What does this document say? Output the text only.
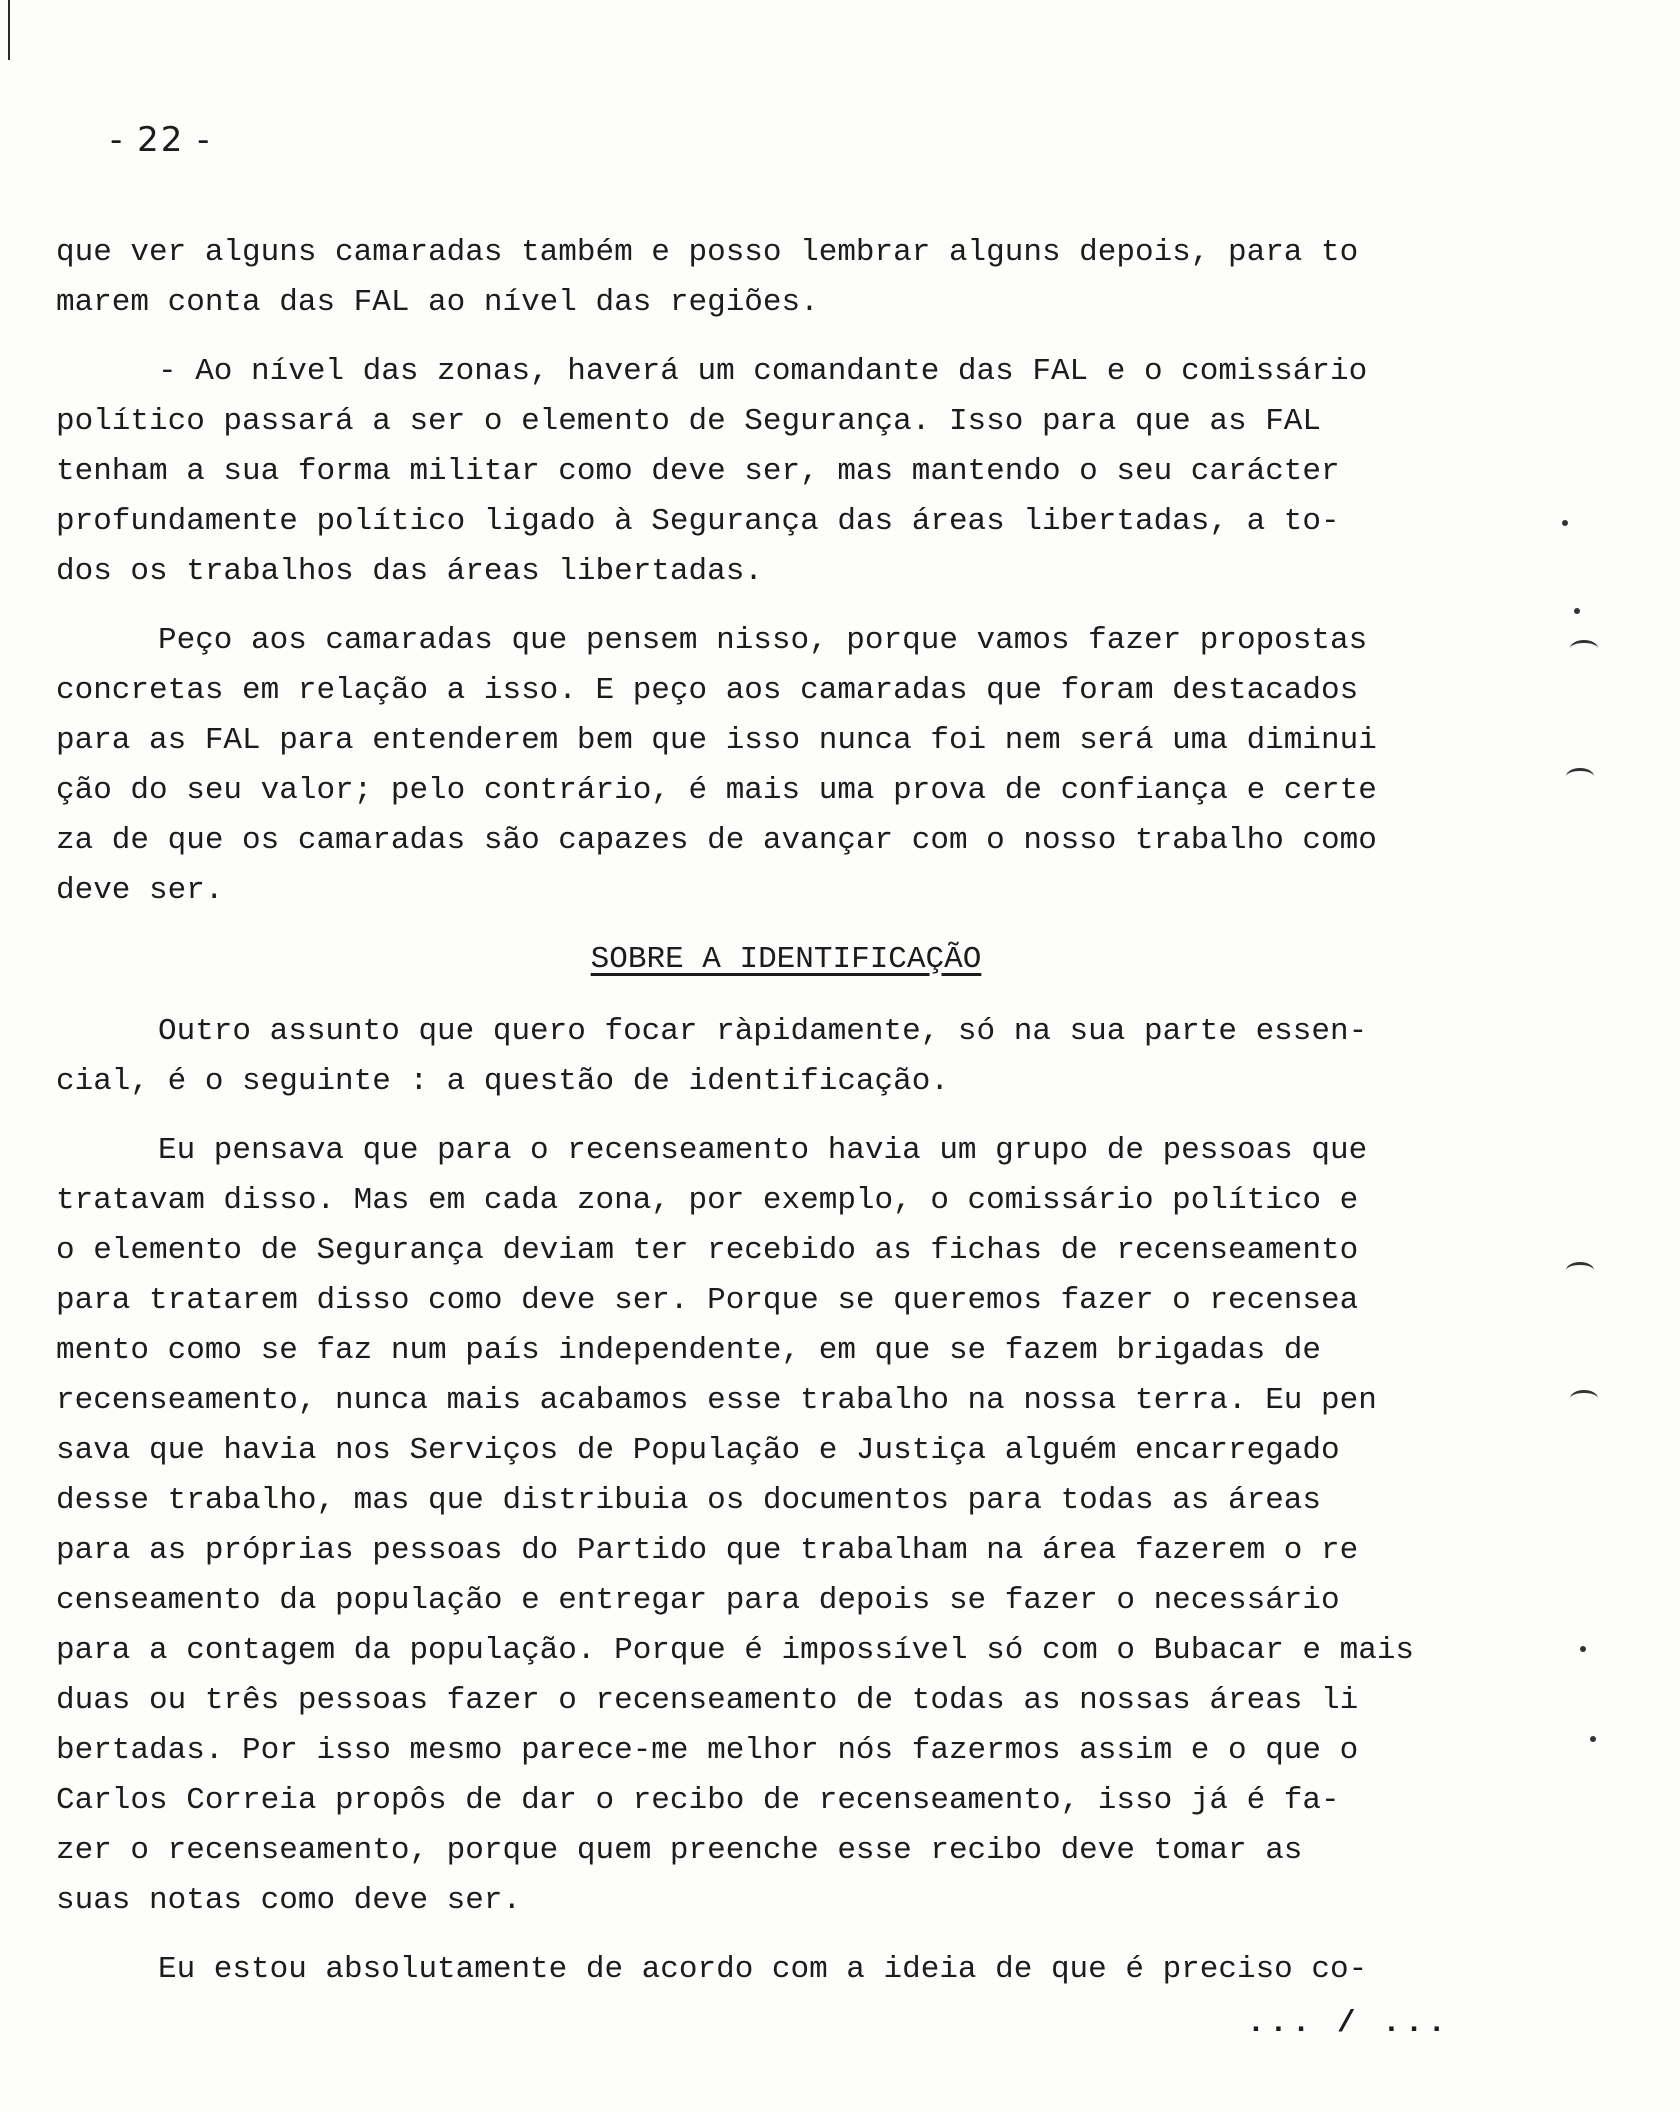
- 22 -

que ver alguns camaradas também e posso lembrar alguns depois, para to
marem conta das FAL ao nível das regiões.

- Ao nível das zonas, haverá um comandante das FAL e o comissário
político passará a ser o elemento de Segurança. Isso para que as FAL
tenham a sua forma militar como deve ser, mas mantendo o seu carácter
profundamente político ligado à Segurança das áreas libertadas, a to-
dos os trabalhos das áreas libertadas.

Peço aos camaradas que pensem nisso, porque vamos fazer propostas
concretas em relação a isso. E peço aos camaradas que foram destacados
para as FAL para entenderem bem que isso nunca foi nem será uma diminui
ção do seu valor; pelo contrário, é mais uma prova de confiança e certe
za de que os camaradas são capazes de avançar com o nosso trabalho como
deve ser.

SOBRE A IDENTIFICAÇÃO

Outro assunto que quero focar ràpidamente, só na sua parte essen-
cial, é o seguinte : a questão de identificação.

Eu pensava que para o recenseamento havia um grupo de pessoas que
tratavam disso. Mas em cada zona, por exemplo, o comissário político e
o elemento de Segurança deviam ter recebido as fichas de recenseamento
para tratarem disso como deve ser. Porque se queremos fazer o recensea
mento como se faz num país independente, em que se fazem brigadas de
recenseamento, nunca mais acabamos esse trabalho na nossa terra. Eu pen
sava que havia nos Serviços de População e Justiça alguém encarregado
desse trabalho, mas que distribuia os documentos para todas as áreas
para as próprias pessoas do Partido que trabalham na área fazerem o re
censeamento da população e entregar para depois se fazer o necessário
para a contagem da população. Porque é impossível só com o Bubacar e mais
duas ou três pessoas fazer o recenseamento de todas as nossas áreas li
bertadas. Por isso mesmo parece-me melhor nós fazermos assim e o que o
Carlos Correia propôs de dar o recibo de recenseamento, isso já é fa-
zer o recenseamento, porque quem preenche esse recibo deve tomar as
suas notas como deve ser.

Eu estou absolutamente de acordo com a ideia de que é preciso co-

... / ...
